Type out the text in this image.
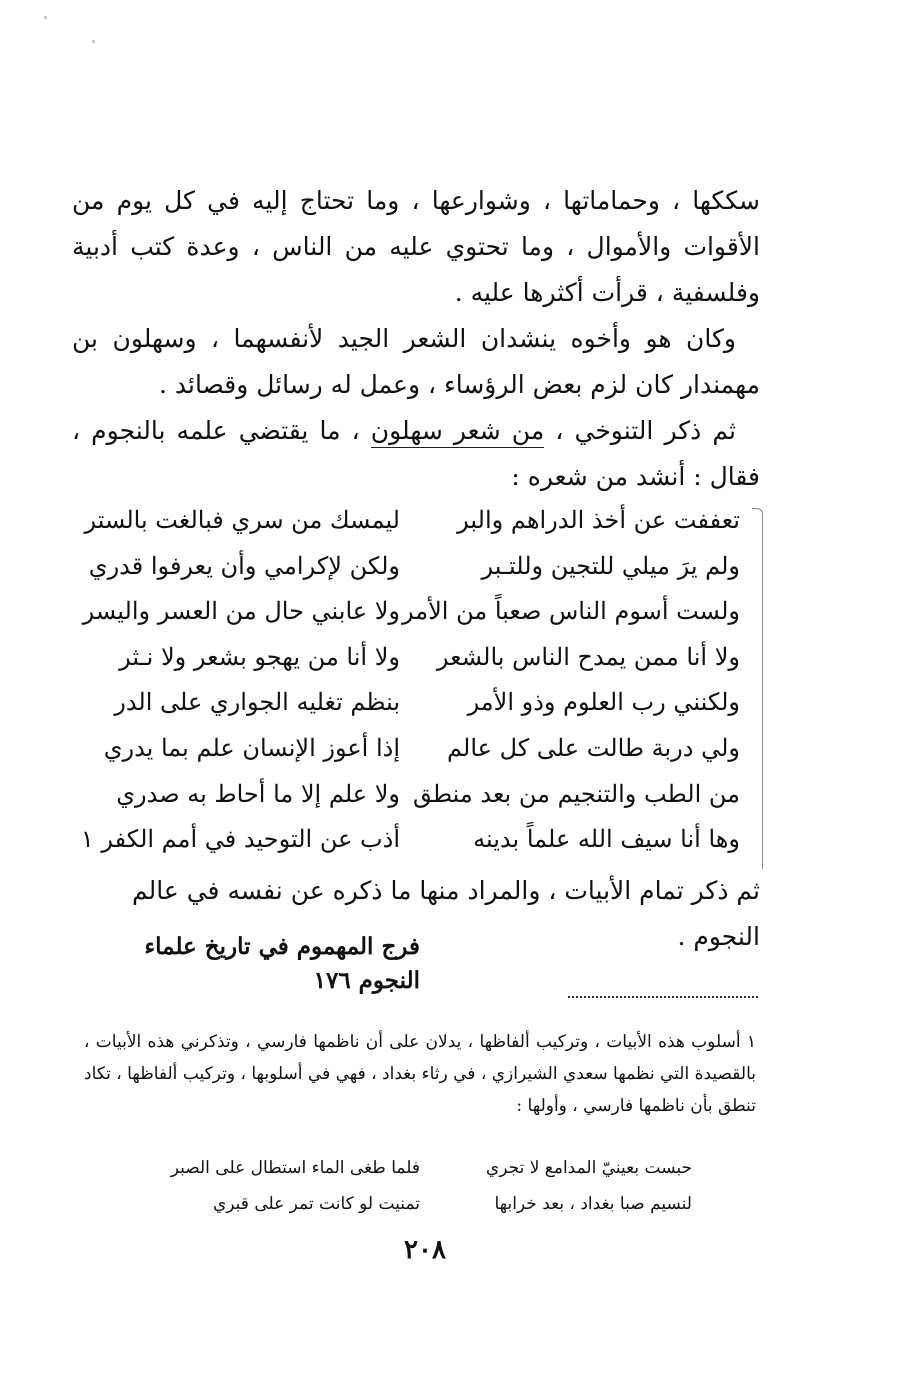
سككها ، وحماماتها ، وشوارعها ، وما تحتاج إليه في كل يوم من الأقوات والأموال ، وما تحتوي عليه من الناس ، وعدة كتب أدبية وفلسفية ، قرأت أكثرها عليه .

وكان هو وأخوه ينشدان الشعر الجيد لأنفسهما ، وسهلون بن مهمندار كان لزم بعض الرؤساء ، وعمل له رسائل وقصائد .

ثم ذكر التنوخي ، من شعر سهلون ، ما يقتضي علمه بالنجوم ، فقال : أنشد من شعره :

تعففت عن أخذ الدراهم والبر
ليمسك من سري فبالغت بالستر
ولم يرَ ميلي للتجين وللتـبر
ولكن لإكرامي وأن يعرفوا قدري
ولست أسوم الناس صعباً من الأمر
ولا عابني حال من العسر واليسر
ولا أنا ممن يمدح الناس بالشعر
ولا أنا من يهجو بشعر ولا نـثر
ولكنني رب العلوم وذو الأمر
بنظم تغليه الجواري على الدر
ولي دربة طالت على كل عالم
إذا أعوز الإنسان علم بما يدري
من الطب والتنجيم من بعد منطق
ولا علم إلا ما أحاط به صدري
وها أنا سيف الله علماً بدينه
أذب عن التوحيد في أمم الكفر ١
ثم ذكر تمام الأبيات ، والمراد منها ما ذكره عن نفسه في عالم النجوم .
فرج المهموم في تاريخ علماء النجوم ١٧٦

١ أسلوب هذه الأبيات ، وتركيب ألفاظها ، يدلان على أن ناظمها فارسي ، وتذكرني هذه الأبيات ، بالقصيدة التي نظمها سعدي الشيرازي ، في رثاء بغداد ، فهي في أسلوبها ، وتركيب ألفاظها ، تكاد تنطق بأن ناظمها فارسي ، وأولها :

حبست بعينيّ المدامع لا تجري
فلما طغى الماء استطال على الصبر
لنسيم صبا بغداد ، بعد خرابها
تمنيت لو كانت تمر على قبري
٢٠٨
